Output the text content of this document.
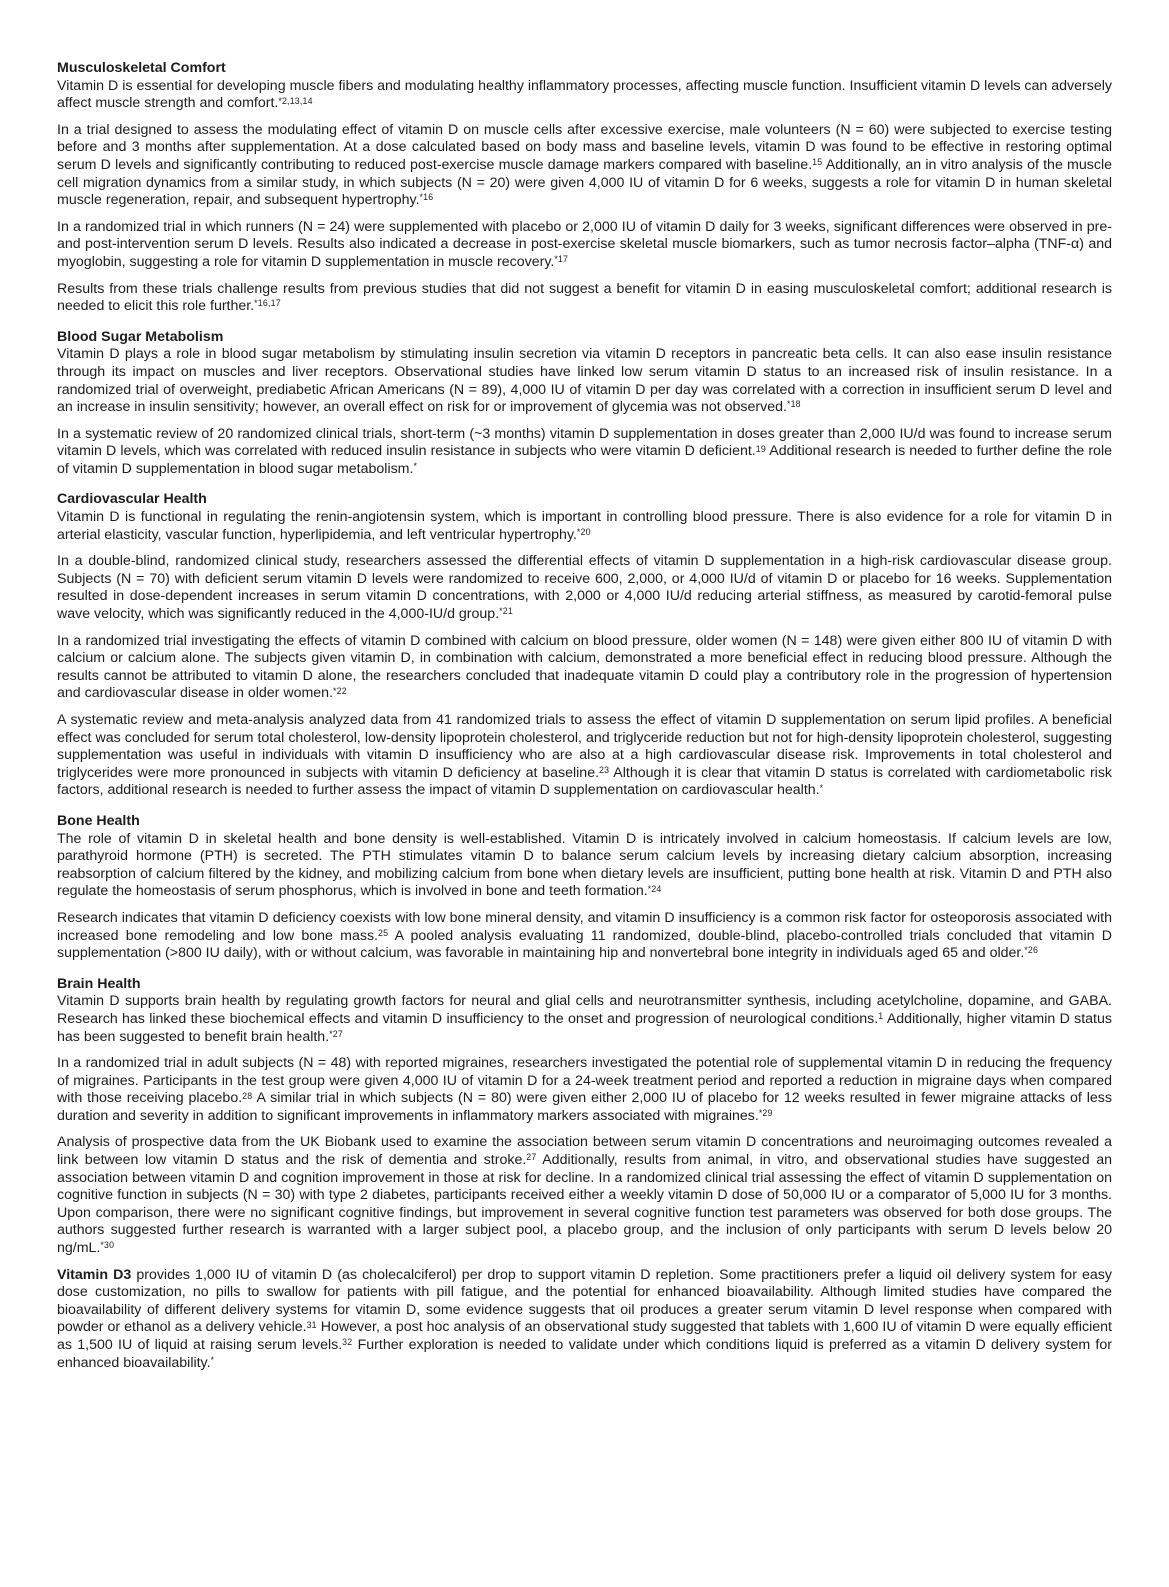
Musculoskeletal Comfort

Vitamin D is essential for developing muscle fibers and modulating healthy inflammatory processes, affecting muscle function. Insufficient vitamin D levels can adversely affect muscle strength and comfort.$^{*2,13,14}$

In a trial designed to assess the modulating effect of vitamin D on muscle cells after excessive exercise, male volunteers (N = 60) were subjected to exercise testing before and 3 months after supplementation. At a dose calculated based on body mass and baseline levels, vitamin D was found to be effective in restoring optimal serum D levels and significantly contributing to reduced post-exercise muscle damage markers compared with baseline.$^{15}$ Additionally, an in vitro analysis of the muscle cell migration dynamics from a similar study, in which subjects (N = 20) were given 4,000 IU of vitamin D for 6 weeks, suggests a role for vitamin D in human skeletal muscle regeneration, repair, and subsequent hypertrophy.$^{*16}$

In a randomized trial in which runners (N = 24) were supplemented with placebo or 2,000 IU of vitamin D daily for 3 weeks, significant differences were observed in pre- and post-intervention serum D levels. Results also indicated a decrease in post-exercise skeletal muscle biomarkers, such as tumor necrosis factor–alpha (TNF-α) and myoglobin, suggesting a role for vitamin D supplementation in muscle recovery.$^{*17}$

Results from these trials challenge results from previous studies that did not suggest a benefit for vitamin D in easing musculoskeletal comfort; additional research is needed to elicit this role further.$^{*16,17}$

Blood Sugar Metabolism

Vitamin D plays a role in blood sugar metabolism by stimulating insulin secretion via vitamin D receptors in pancreatic beta cells. It can also ease insulin resistance through its impact on muscles and liver receptors. Observational studies have linked low serum vitamin D status to an increased risk of insulin resistance. In a randomized trial of overweight, prediabetic African Americans (N = 89), 4,000 IU of vitamin D per day was correlated with a correction in insufficient serum D level and an increase in insulin sensitivity; however, an overall effect on risk for or improvement of glycemia was not observed.$^{*18}$

In a systematic review of 20 randomized clinical trials, short-term (~3 months) vitamin D supplementation in doses greater than 2,000 IU/d was found to increase serum vitamin D levels, which was correlated with reduced insulin resistance in subjects who were vitamin D deficient.$^{19}$ Additional research is needed to further define the role of vitamin D supplementation in blood sugar metabolism.*

Cardiovascular Health

Vitamin D is functional in regulating the renin-angiotensin system, which is important in controlling blood pressure. There is also evidence for a role for vitamin D in arterial elasticity, vascular function, hyperlipidemia, and left ventricular hypertrophy.$^{*20}$

In a double-blind, randomized clinical study, researchers assessed the differential effects of vitamin D supplementation in a high-risk cardiovascular disease group. Subjects (N = 70) with deficient serum vitamin D levels were randomized to receive 600, 2,000, or 4,000 IU/d of vitamin D or placebo for 16 weeks. Supplementation resulted in dose-dependent increases in serum vitamin D concentrations, with 2,000 or 4,000 IU/d reducing arterial stiffness, as measured by carotid-femoral pulse wave velocity, which was significantly reduced in the 4,000-IU/d group.$^{*21}$

In a randomized trial investigating the effects of vitamin D combined with calcium on blood pressure, older women (N = 148) were given either 800 IU of vitamin D with calcium or calcium alone. The subjects given vitamin D, in combination with calcium, demonstrated a more beneficial effect in reducing blood pressure. Although the results cannot be attributed to vitamin D alone, the researchers concluded that inadequate vitamin D could play a contributory role in the progression of hypertension and cardiovascular disease in older women.$^{*22}$

A systematic review and meta-analysis analyzed data from 41 randomized trials to assess the effect of vitamin D supplementation on serum lipid profiles. A beneficial effect was concluded for serum total cholesterol, low-density lipoprotein cholesterol, and triglyceride reduction but not for high-density lipoprotein cholesterol, suggesting supplementation was useful in individuals with vitamin D insufficiency who are also at a high cardiovascular disease risk. Improvements in total cholesterol and triglycerides were more pronounced in subjects with vitamin D deficiency at baseline.$^{23}$ Although it is clear that vitamin D status is correlated with cardiometabolic risk factors, additional research is needed to further assess the impact of vitamin D supplementation on cardiovascular health.*

Bone Health

The role of vitamin D in skeletal health and bone density is well-established. Vitamin D is intricately involved in calcium homeostasis. If calcium levels are low, parathyroid hormone (PTH) is secreted. The PTH stimulates vitamin D to balance serum calcium levels by increasing dietary calcium absorption, increasing reabsorption of calcium filtered by the kidney, and mobilizing calcium from bone when dietary levels are insufficient, putting bone health at risk. Vitamin D and PTH also regulate the homeostasis of serum phosphorus, which is involved in bone and teeth formation.$^{*24}$

Research indicates that vitamin D deficiency coexists with low bone mineral density, and vitamin D insufficiency is a common risk factor for osteoporosis associated with increased bone remodeling and low bone mass.$^{25}$ A pooled analysis evaluating 11 randomized, double-blind, placebo-controlled trials concluded that vitamin D supplementation (>800 IU daily), with or without calcium, was favorable in maintaining hip and nonvertebral bone integrity in individuals aged 65 and older.$^{*26}$

Brain Health

Vitamin D supports brain health by regulating growth factors for neural and glial cells and neurotransmitter synthesis, including acetylcholine, dopamine, and GABA. Research has linked these biochemical effects and vitamin D insufficiency to the onset and progression of neurological conditions.$^1$ Additionally, higher vitamin D status has been suggested to benefit brain health.$^{*27}$

In a randomized trial in adult subjects (N = 48) with reported migraines, researchers investigated the potential role of supplemental vitamin D in reducing the frequency of migraines. Participants in the test group were given 4,000 IU of vitamin D for a 24-week treatment period and reported a reduction in migraine days when compared with those receiving placebo.$^{28}$ A similar trial in which subjects (N = 80) were given either 2,000 IU of placebo for 12 weeks resulted in fewer migraine attacks of less duration and severity in addition to significant improvements in inflammatory markers associated with migraines.$^{*29}$

Analysis of prospective data from the UK Biobank used to examine the association between serum vitamin D concentrations and neuroimaging outcomes revealed a link between low vitamin D status and the risk of dementia and stroke.$^{27}$ Additionally, results from animal, in vitro, and observational studies have suggested an association between vitamin D and cognition improvement in those at risk for decline. In a randomized clinical trial assessing the effect of vitamin D supplementation on cognitive function in subjects (N = 30) with type 2 diabetes, participants received either a weekly vitamin D dose of 50,000 IU or a comparator of 5,000 IU for 3 months. Upon comparison, there were no significant cognitive findings, but improvement in several cognitive function test parameters was observed for both dose groups. The authors suggested further research is warranted with a larger subject pool, a placebo group, and the inclusion of only participants with serum D levels below 20 ng/mL.$^{*30}$

Vitamin D3 provides 1,000 IU of vitamin D (as cholecalciferol) per drop to support vitamin D repletion. Some practitioners prefer a liquid oil delivery system for easy dose customization, no pills to swallow for patients with pill fatigue, and the potential for enhanced bioavailability. Although limited studies have compared the bioavailability of different delivery systems for vitamin D, some evidence suggests that oil produces a greater serum vitamin D level response when compared with powder or ethanol as a delivery vehicle.$^{31}$ However, a post hoc analysis of an observational study suggested that tablets with 1,600 IU of vitamin D were equally efficient as 1,500 IU of liquid at raising serum levels.$^{32}$ Further exploration is needed to validate under which conditions liquid is preferred as a vitamin D delivery system for enhanced bioavailability.*
